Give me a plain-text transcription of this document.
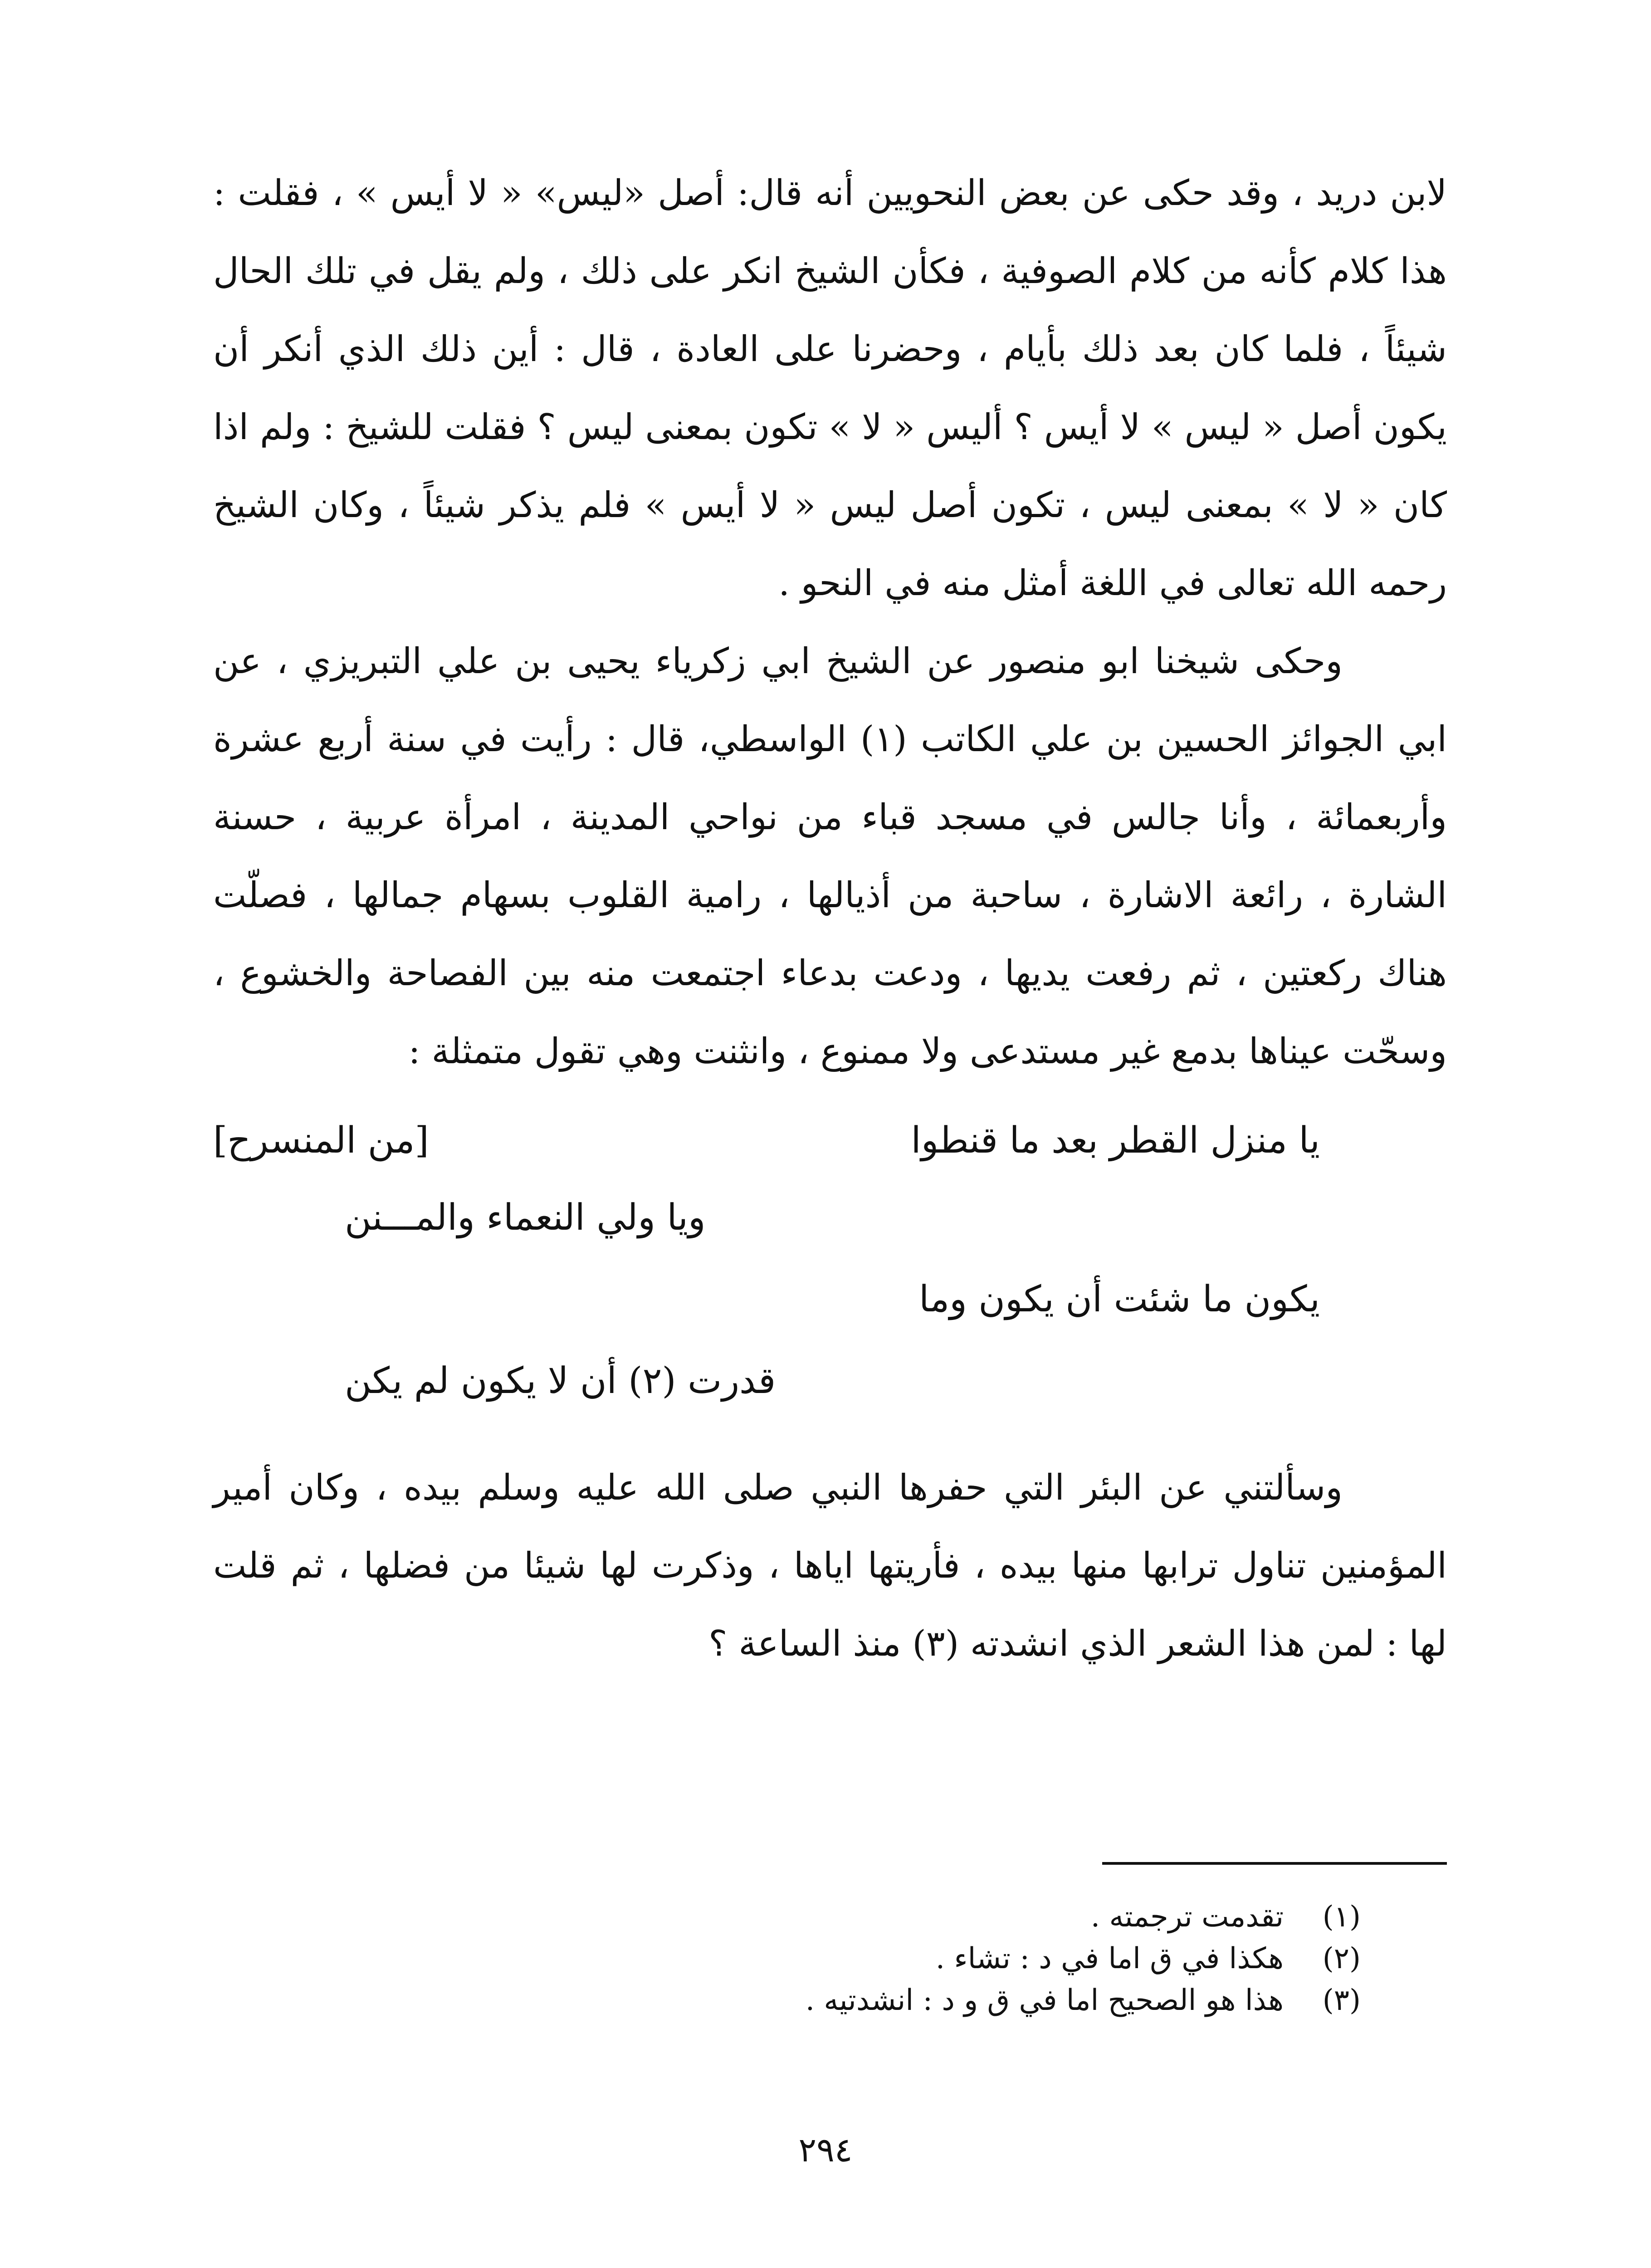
لابن دريد ، وقد حكى عن بعض النحويين أنه قال: أصل «ليس» « لا أيس » ، فقلت : هذا كلام كأنه من كلام الصوفية ، فكأن الشيخ انكر على ذلك ، ولم يقل في تلك الحال شيئاً ، فلما كان بعد ذلك بأيام ، وحضرنا على العادة ، قال : أين ذلك الذي أنكر أن يكون أصل « ليس » لا أيس ؟ أليس « لا » تكون بمعنى ليس ؟ فقلت للشيخ : ولم اذا كان « لا » بمعنى ليس ، تكون أصل ليس « لا أيس » فلم يذكر شيئاً ، وكان الشيخ رحمه الله تعالى في اللغة أمثل منه في النحو .

وحكى شيخنا ابو منصور عن الشيخ ابي زكرياء يحيى بن علي التبريزي ، عن ابي الجوائز الحسين بن علي الكاتب (١) الواسطي، قال : رأيت في سنة أربع عشرة وأربعمائة ، وأنا جالس في مسجد قباء من نواحي المدينة ، امرأة عربية ، حسنة الشارة ، رائعة الاشارة ، ساحبة من أذيالها ، رامية القلوب بسهام جمالها ، فصلّت هناك ركعتين ، ثم رفعت يديها ، ودعت بدعاء اجتمعت منه بين الفصاحة والخشوع ، وسحّت عيناها بدمع غير مستدعى ولا ممنوع ، وانثنت وهي تقول متمثلة :

[من المنسرح]	يا منزل القطر بعد ما قنطوا
ويا ولي النعماء والمـــنن
يكون ما شئت أن يكون وما
قدرت (٢) أن لا يكون لم يكن

وسألتني عن البئر التي حفرها النبي صلى الله عليه وسلم بيده ، وكان أمير المؤمنين تناول ترابها منها بيده ، فأريتها اياها ، وذكرت لها شيئا من فضلها ، ثم قلت لها : لمن هذا الشعر الذي انشدته (٣) منذ الساعة ؟

(١)
تقدمت ترجمته .
(٢)
هكذا في ق اما في د : تشاء .
(٣)
هذا هو الصحيح اما في ق و د : انشدتيه .
٢٩٤
